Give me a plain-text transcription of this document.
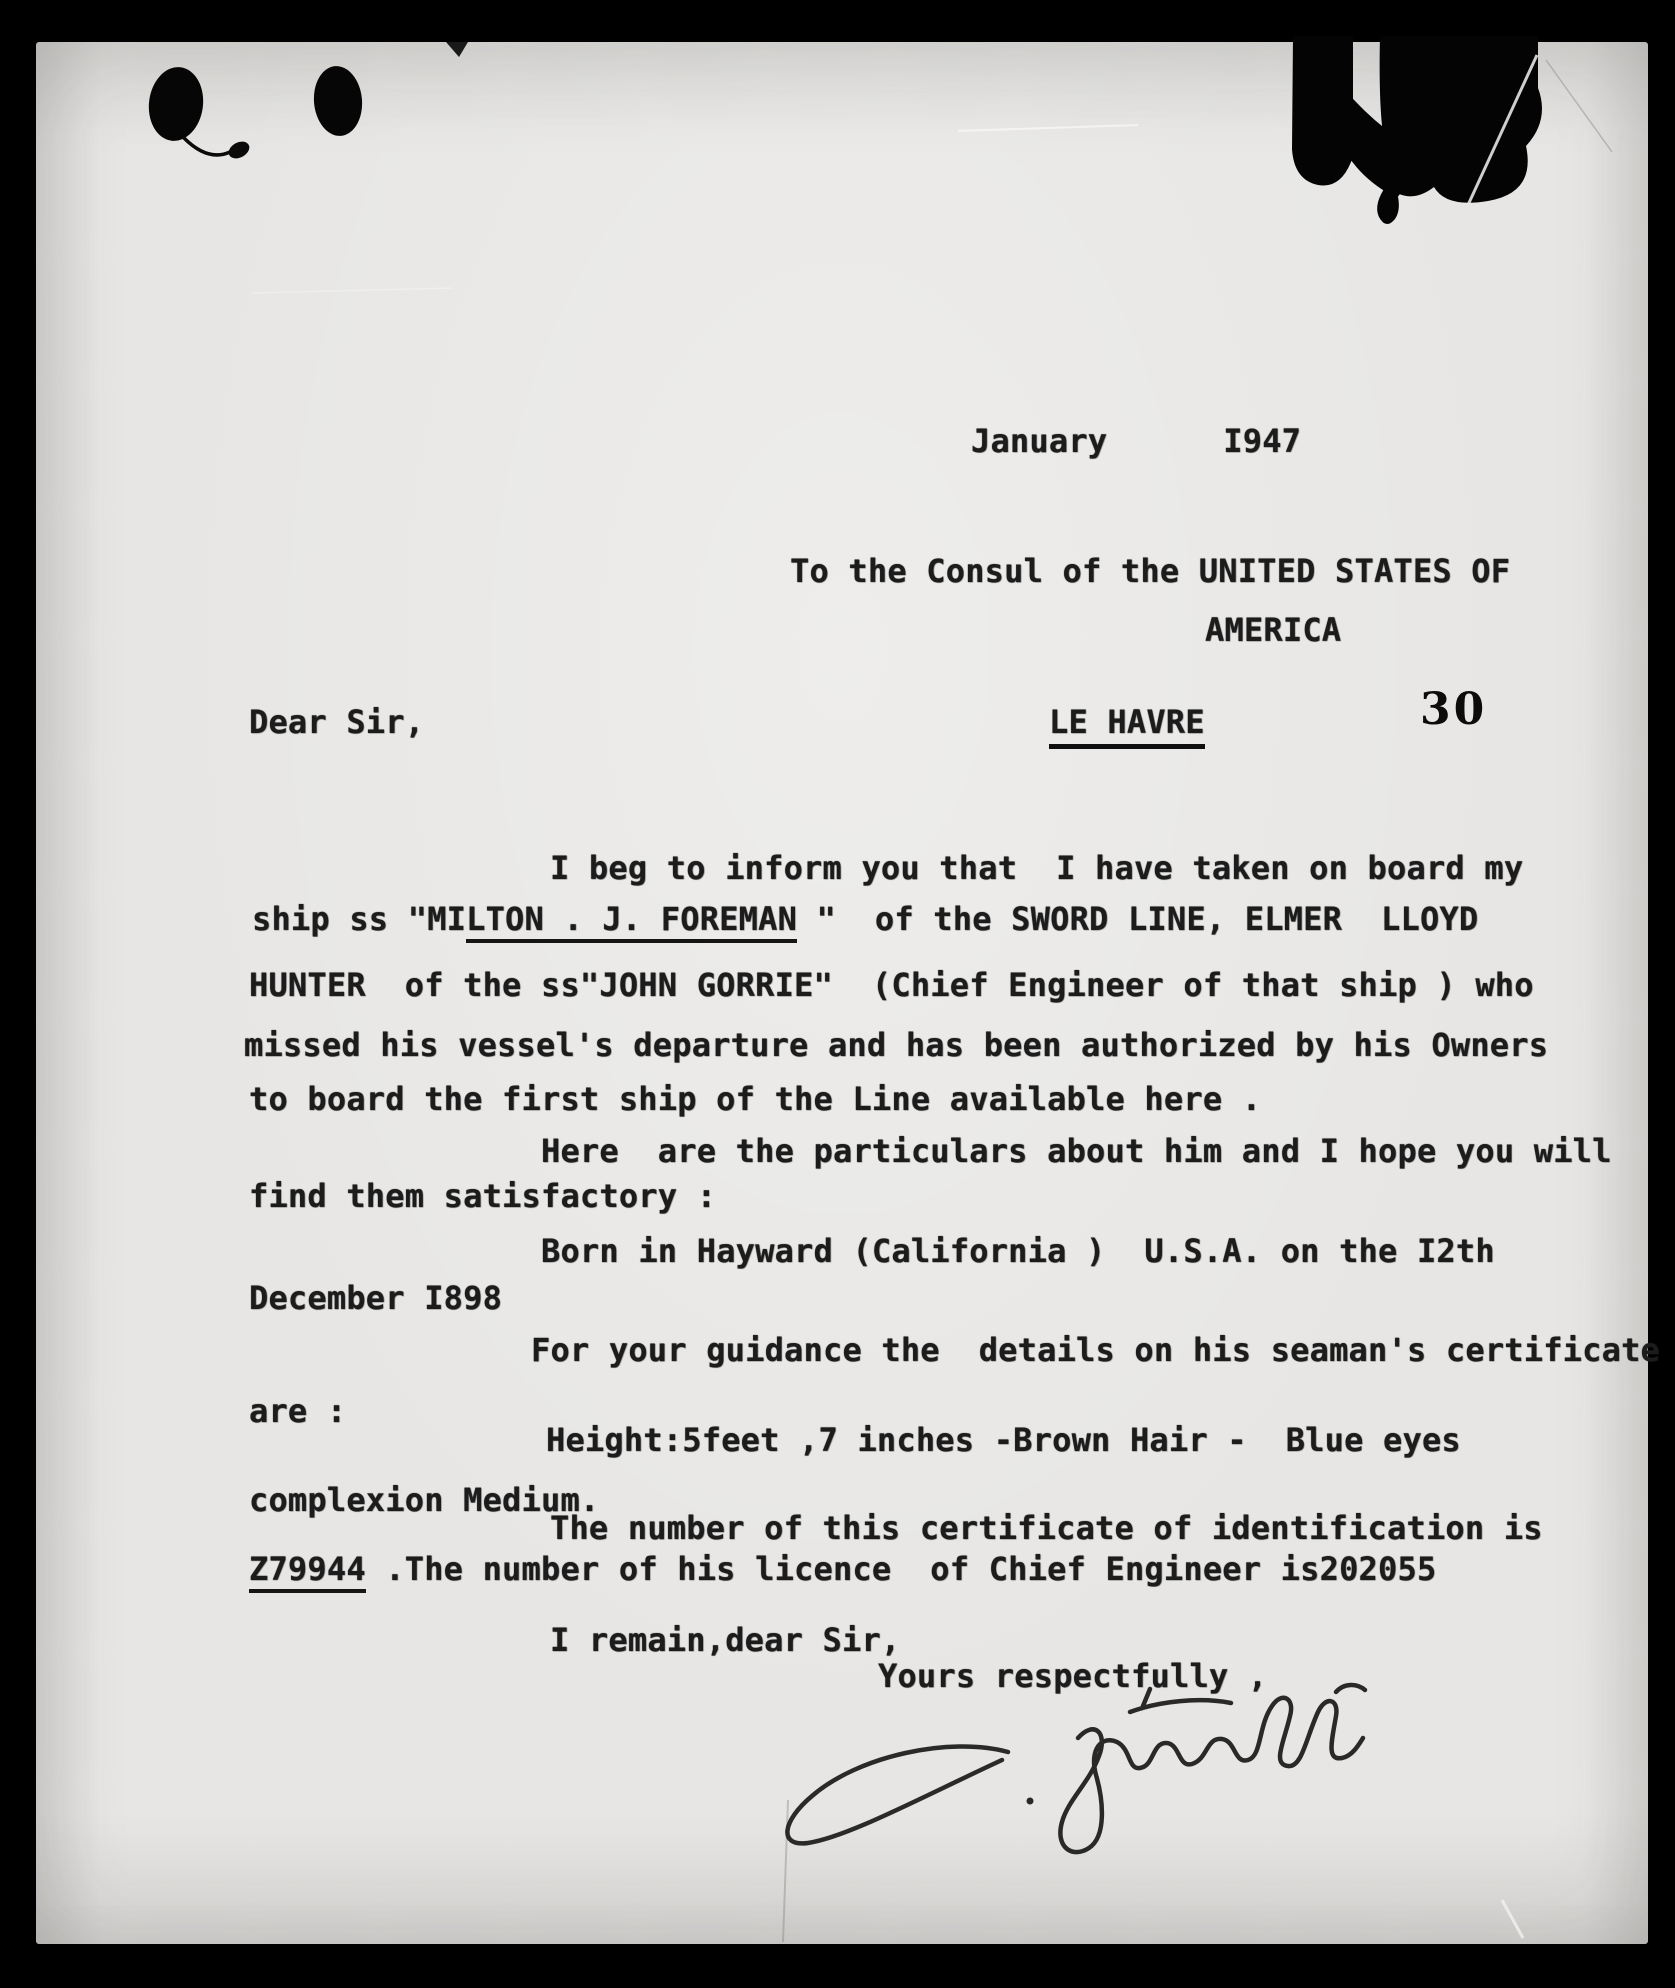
January	I947
To the Consul of the UNITED STATES OF
AMERICA
Dear Sir,	LE HAVRE	30
I beg to inform you that  I have taken on board my
ship ss "MILTON . J. FOREMAN "  of the SWORD LINE, ELMER  LLOYD
HUNTER  of the ss"JOHN GORRIE"  (Chief Engineer of that ship ) who
missed his vessel's departure and has been authorized by his Owners
to board the first ship of the Line available here .
Here  are the particulars about him and I hope you will
find them satisfactory :
Born in Hayward (California )  U.S.A. on the I2th
December I898
For your guidance the  details on his seaman's certificate
are :
Height:5feet ,7 inches -Brown Hair -  Blue eyes
complexion Medium.
The number of this certificate of identification is
Z79944 .The number of his licence  of Chief Engineer is202055
I remain,dear Sir,
Yours respectfully ,
